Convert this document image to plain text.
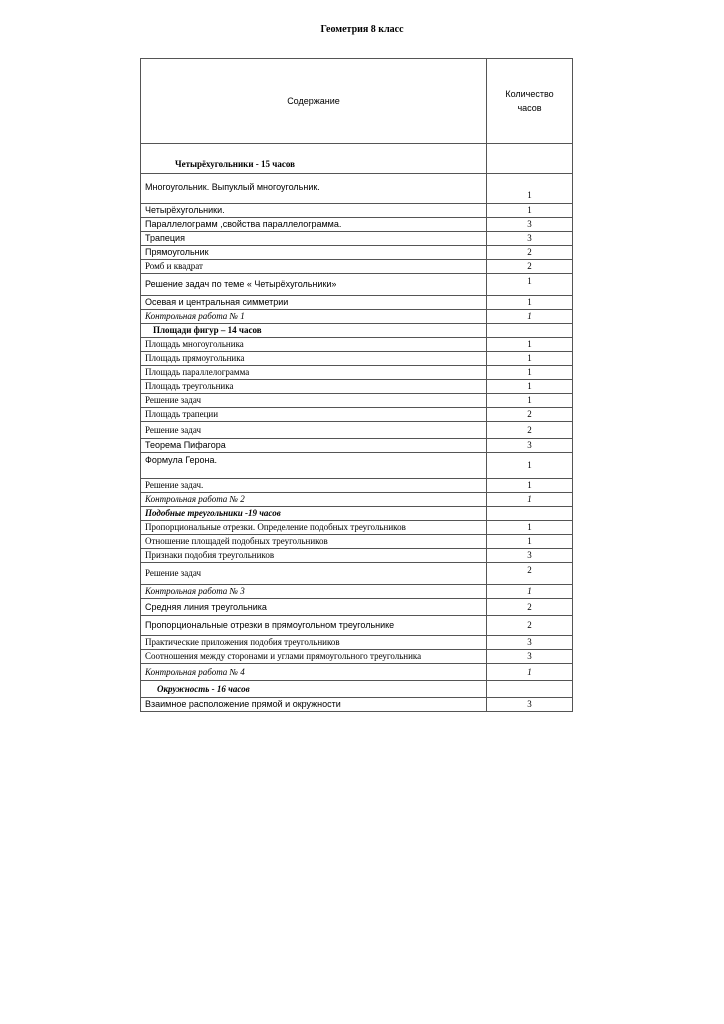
Геометрия 8 класс
Содержание	Количество
часов
Четырёхугольники - 15 часов	
Многоугольник. Выпуклый многоугольник.	1
Четырёхугольники.	1
Параллелограмм ,свойства параллелограмма.	3
Трапеция	3
Прямоугольник	2
Ромб и квадрат	2
Решение задач по теме « Четырёхугольники»	1
Осевая и центральная симметрии	1
Контрольная работа № 1	1
Площади фигур – 14 часов	
Площадь многоугольника	1
Площадь прямоугольника	1
Площадь параллелограмма	1
Площадь треугольника	1
Решение задач	1
Площадь трапеции	2
Решение задач	2
Теорема Пифагора	3
Формула Герона.	1
Решение задач.	1
Контрольная работа № 2	1
Подобные треугольники -19 часов	
Пропорциональные отрезки. Определение подобных треугольников	1
Отношение площадей подобных треугольников	1
Признаки подобия треугольников	3
Решение задач	2
Контрольная работа № 3	1
Средняя линия треугольника	2
Пропорциональные отрезки в прямоугольном треугольнике	2
Практические приложения подобия треугольников	3
Соотношения между сторонами и углами прямоугольного треугольника	3
Контрольная работа № 4	1
Окружность - 16 часов	
Взаимное расположение прямой и окружности	3
